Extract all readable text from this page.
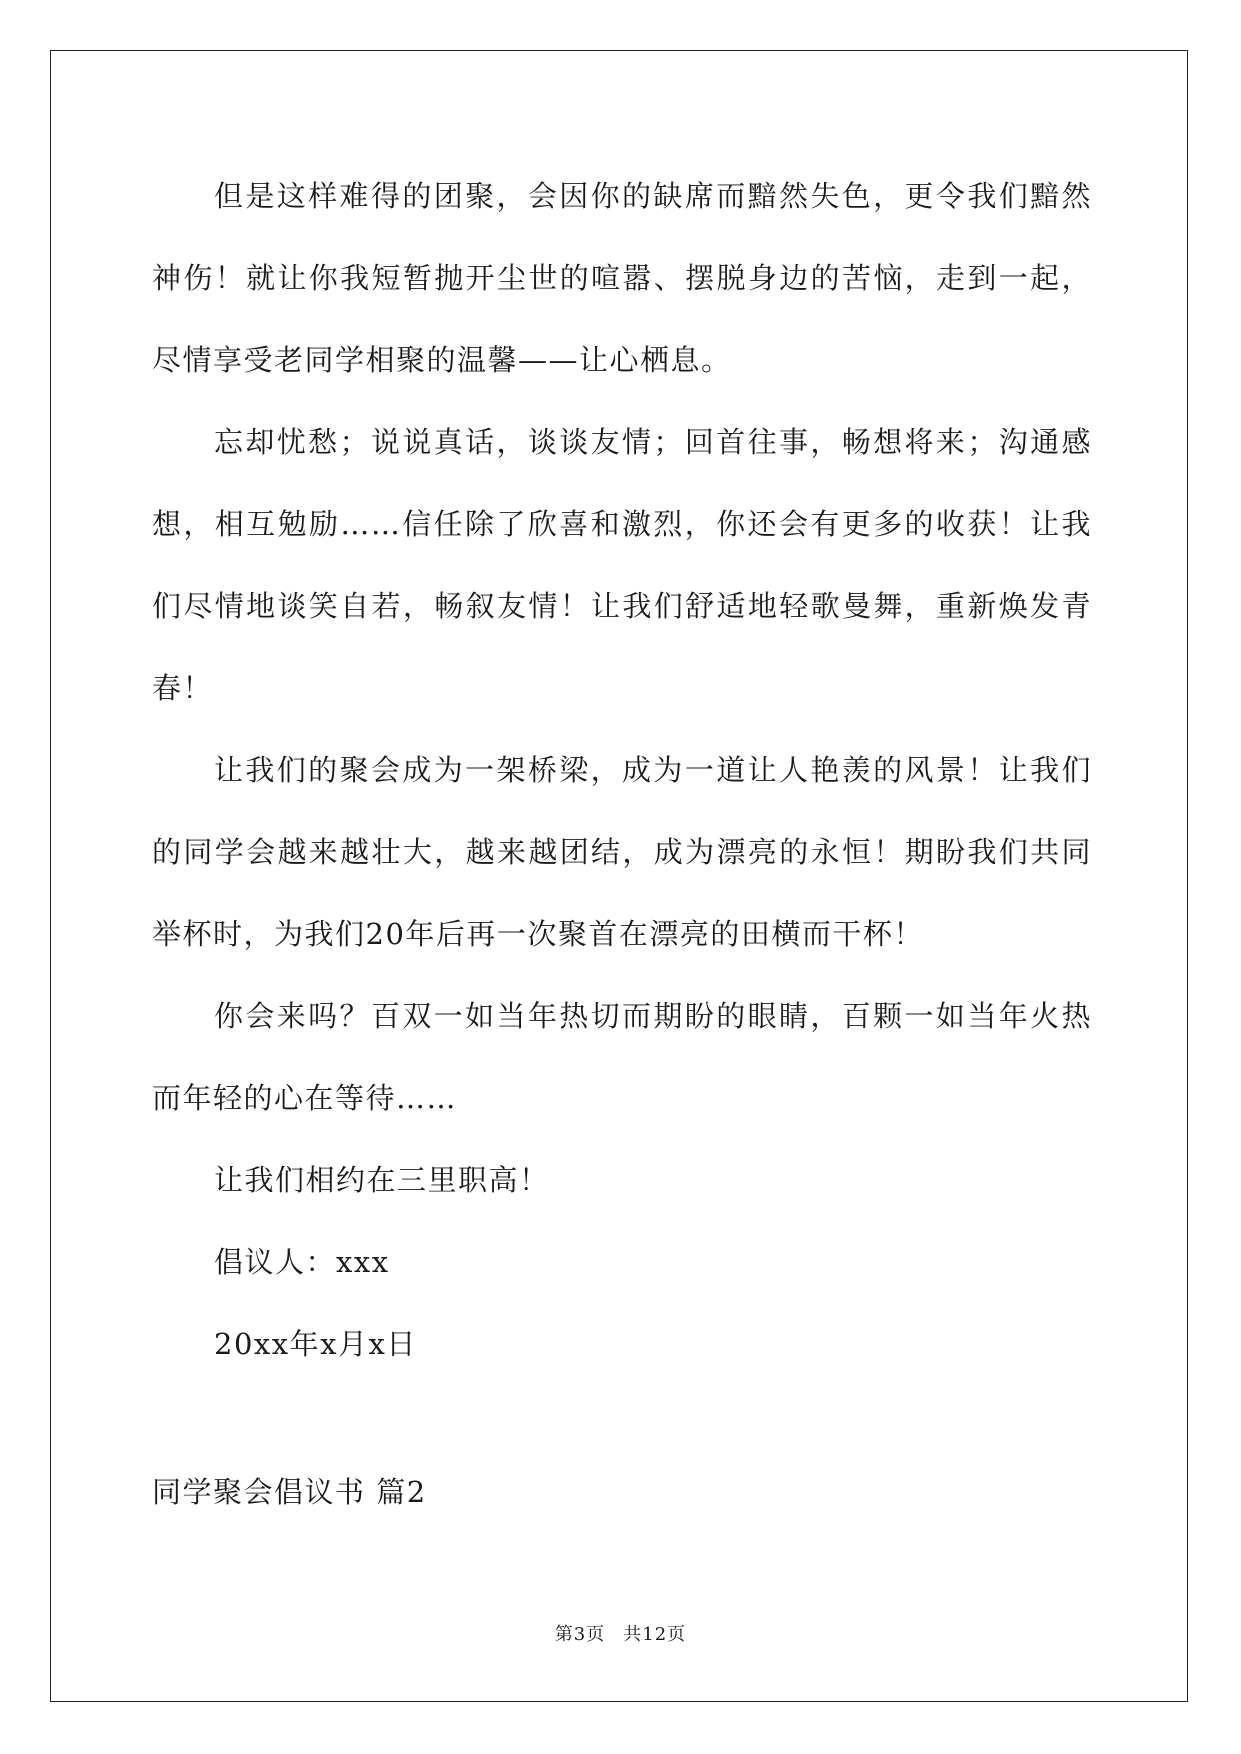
但是这样难得的团聚，会因你的缺席而黯然失色，更令我们黯然神伤！就让你我短暂抛开尘世的喧嚣、摆脱身边的苦恼，走到一起，尽情享受老同学相聚的温馨——让心栖息。

忘却忧愁；说说真话，谈谈友情；回首往事，畅想将来；沟通感想，相互勉励……信任除了欣喜和激烈，你还会有更多的收获！让我们尽情地谈笑自若，畅叙友情！让我们舒适地轻歌曼舞，重新焕发青春！

让我们的聚会成为一架桥梁，成为一道让人艳羡的风景！让我们的同学会越来越壮大，越来越团结，成为漂亮的永恒！期盼我们共同举杯时，为我们20年后再一次聚首在漂亮的田横而干杯！

你会来吗？百双一如当年热切而期盼的眼睛，百颗一如当年火热而年轻的心在等待……

让我们相约在三里职高！

倡议人：xxx

20xx年x月x日

同学聚会倡议书 篇2

第3页 共12页
